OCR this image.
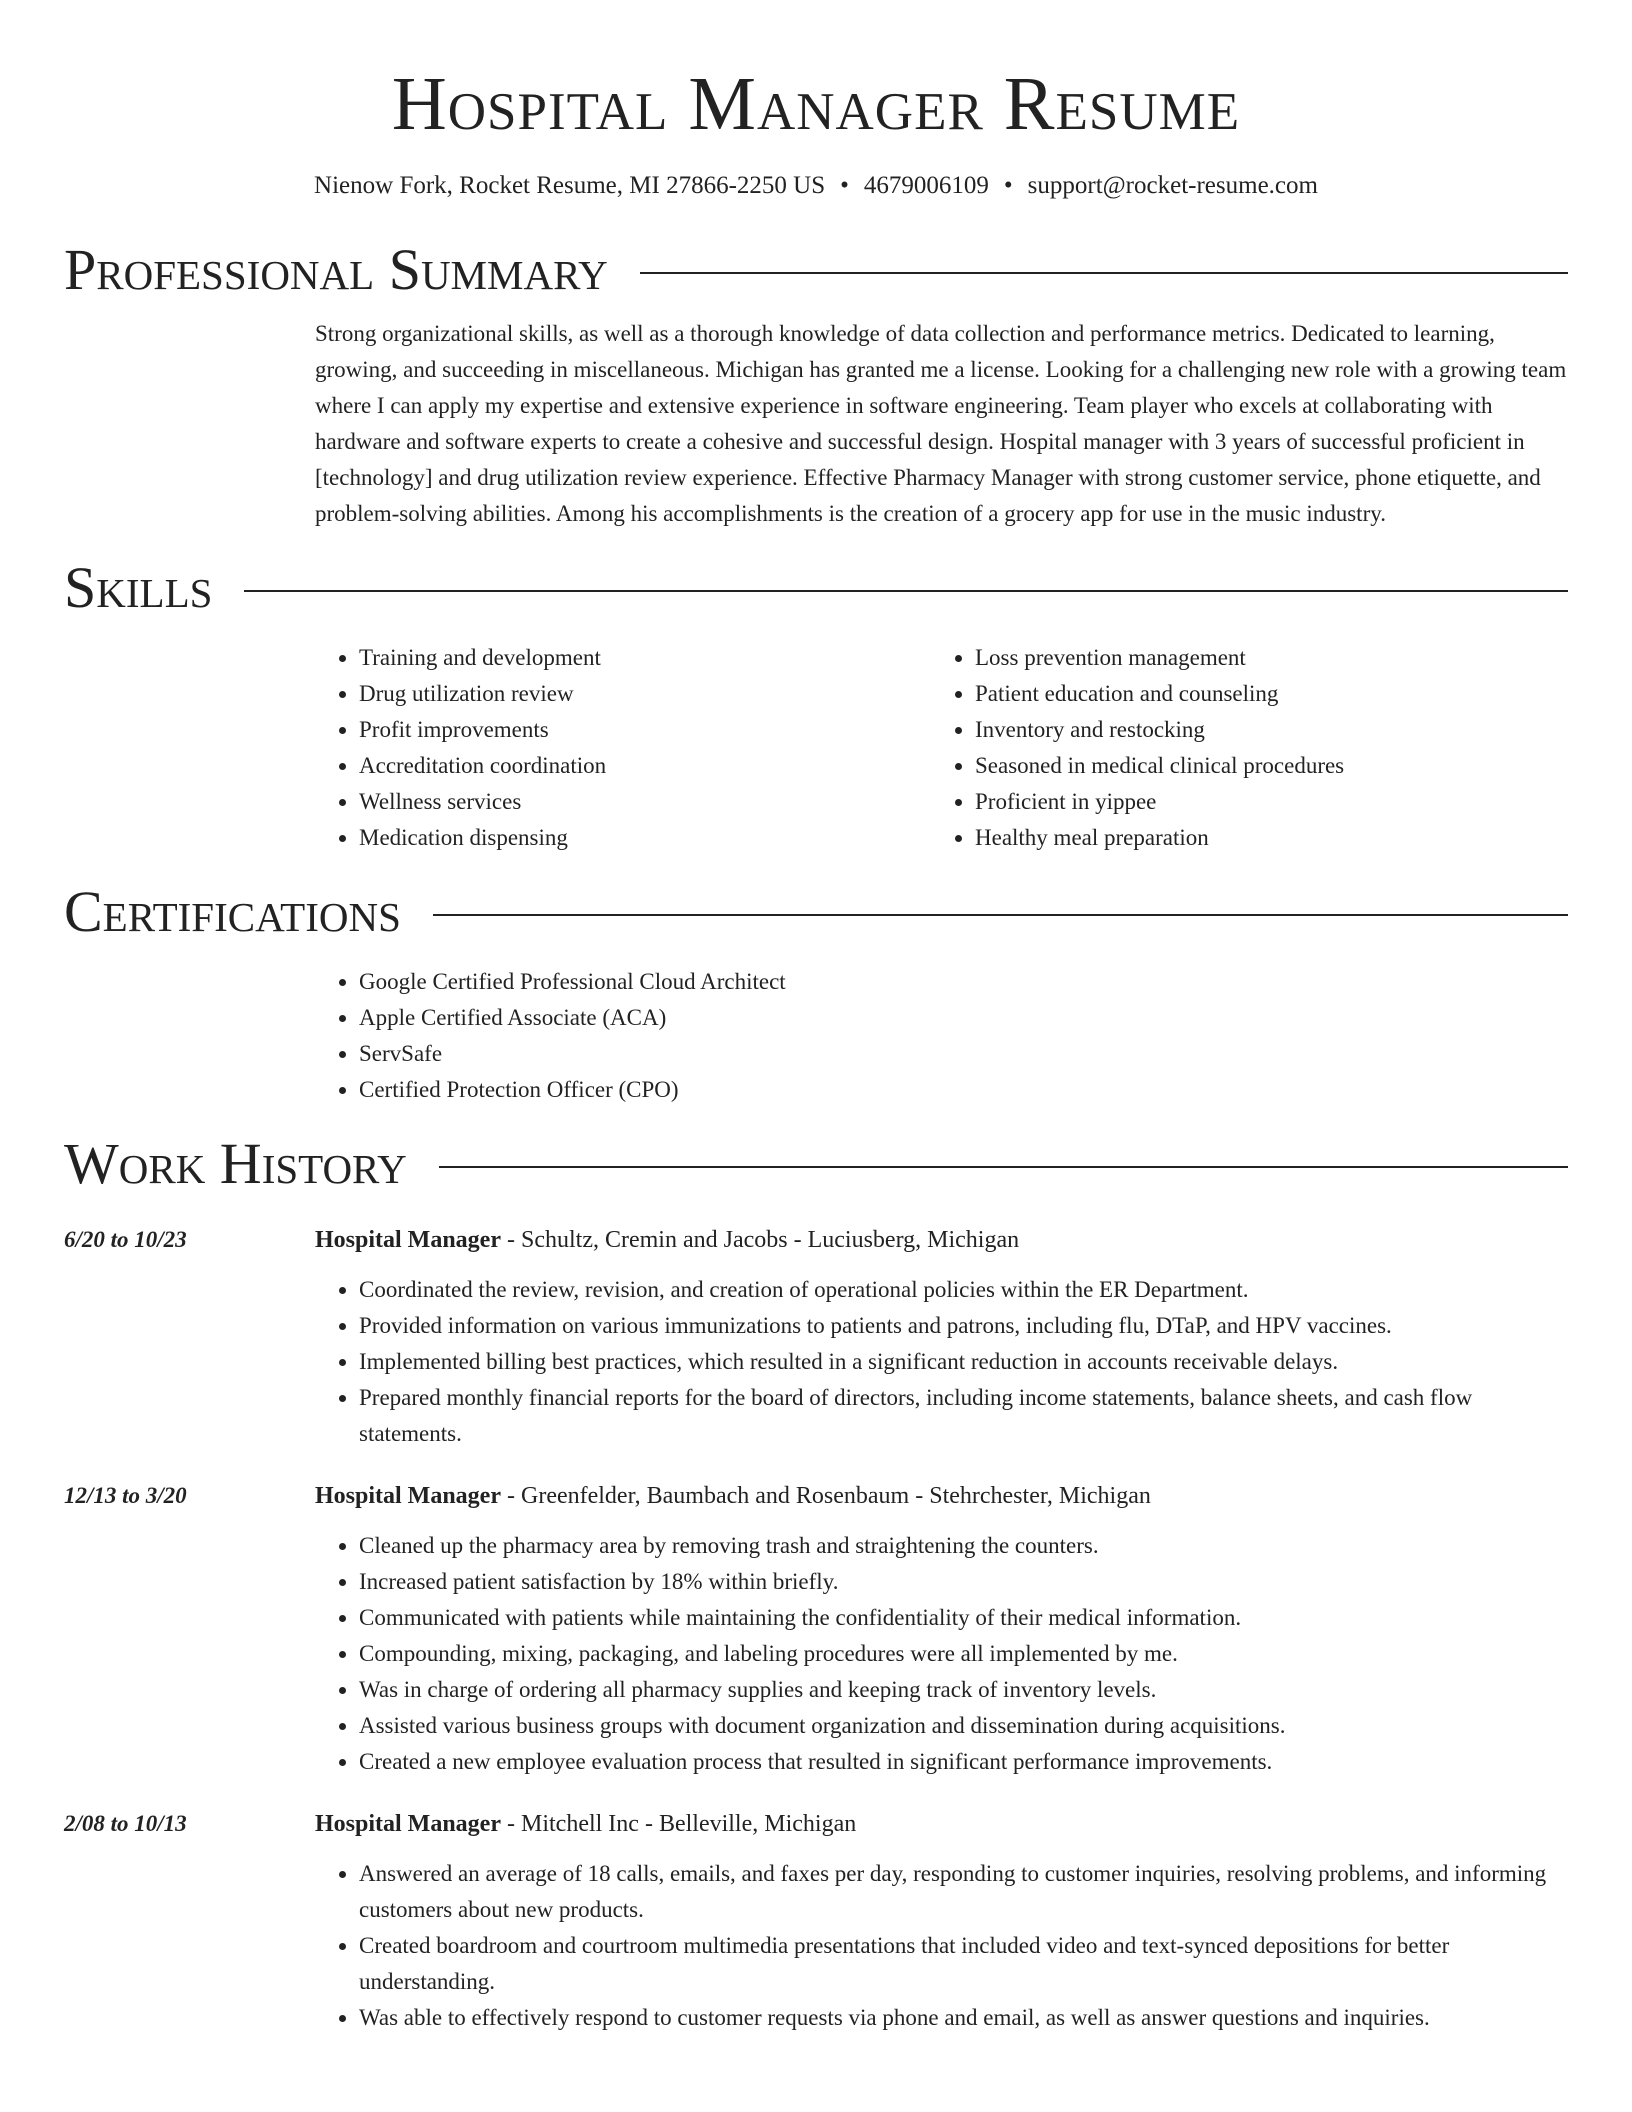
Hospital Manager Resume
Nienow Fork, Rocket Resume, MI 27866-2250 US • 4679006109 • support@rocket-resume.com
Professional Summary

Strong organizational skills, as well as a thorough knowledge of data collection and performance metrics. Dedicated to learning, growing, and succeeding in miscellaneous. Michigan has granted me a license. Looking for a challenging new role with a growing team where I can apply my expertise and extensive experience in software engineering. Team player who excels at collaborating with hardware and software experts to create a cohesive and successful design. Hospital manager with 3 years of successful proficient in [technology] and drug utilization review experience. Effective Pharmacy Manager with strong customer service, phone etiquette, and problem-solving abilities. Among his accomplishments is the creation of a grocery app for use in the music industry.

Skills
• Training and development
• Drug utilization review
• Profit improvements
• Accreditation coordination
• Wellness services
• Medication dispensing
• Loss prevention management
• Patient education and counseling
• Inventory and restocking
• Seasoned in medical clinical procedures
• Proficient in yippee
• Healthy meal preparation
Certifications
• Google Certified Professional Cloud Architect
• Apple Certified Associate (ACA)
• ServSafe
• Certified Protection Officer (CPO)
Work History
6/20 to 10/23	Hospital Manager - Schultz, Cremin and Jacobs - Luciusberg, Michigan
• Coordinated the review, revision, and creation of operational policies within the ER Department.
• Provided information on various immunizations to patients and patrons, including flu, DTaP, and HPV vaccines.
• Implemented billing best practices, which resulted in a significant reduction in accounts receivable delays.
• Prepared monthly financial reports for the board of directors, including income statements, balance sheets, and cash flow statements.
12/13 to 3/20	Hospital Manager - Greenfelder, Baumbach and Rosenbaum - Stehrchester, Michigan
• Cleaned up the pharmacy area by removing trash and straightening the counters.
• Increased patient satisfaction by 18% within briefly.
• Communicated with patients while maintaining the confidentiality of their medical information.
• Compounding, mixing, packaging, and labeling procedures were all implemented by me.
• Was in charge of ordering all pharmacy supplies and keeping track of inventory levels.
• Assisted various business groups with document organization and dissemination during acquisitions.
• Created a new employee evaluation process that resulted in significant performance improvements.
2/08 to 10/13	Hospital Manager - Mitchell Inc - Belleville, Michigan
• Answered an average of 18 calls, emails, and faxes per day, responding to customer inquiries, resolving problems, and informing customers about new products.
• Created boardroom and courtroom multimedia presentations that included video and text-synced depositions for better understanding.
• Was able to effectively respond to customer requests via phone and email, as well as answer questions and inquiries.
